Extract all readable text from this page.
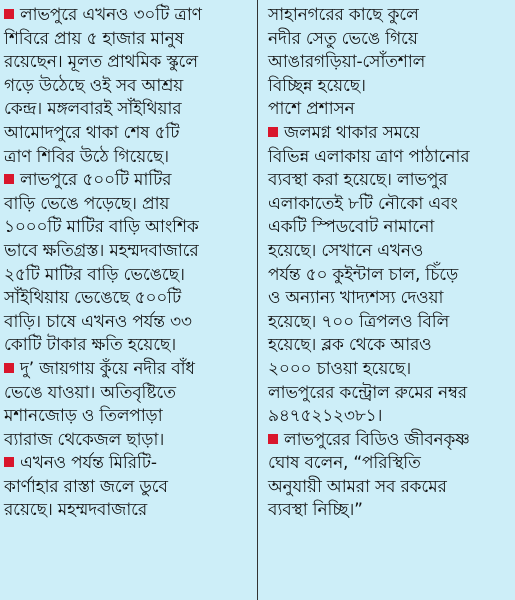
লাভপুরে এখনও ৩০টি ত্রাণ
শিবিরে প্রায় ৫ হাজার মানুষ
রয়েছেন। মূলত প্রাথমিক স্কুলে
গড়ে উঠেছে ওই সব আশ্রয়
কেন্দ্র। মঙ্গলবারই সাঁইথিয়ার
আমোদপুরে থাকা শেষ ৫টি
ত্রাণ শিবির উঠে গিয়েছে।
লাভপুরে ৫০০টি মাটির
বাড়ি ভেঙে পড়েছে। প্রায়
১০০০টি মাটির বাড়ি আংশিক
ভাবে ক্ষতিগ্রস্ত। মহম্মদবাজারে
২৫টি মাটির বাড়ি ভেঙেছে।
সাঁইথিয়ায় ভেঙেছে ৫০০টি
বাড়ি। চাষে এখনও পর্যন্ত ৩৩
কোটি টাকার ক্ষতি হয়েছে।
দু’ জায়গায় কুঁয়ে নদীর বাঁধ
ভেঙে যাওয়া। অতিবৃষ্টিতে
মশানজোড় ও তিলপাড়া
ব্যারাজ থেকেজল ছাড়া।
এখনও পর্যন্ত মিরিটি-
কার্ণাহার রাস্তা জলে ডুবে
রয়েছে। মহম্মদবাজারে
সাহানগরের কাছে কুলে
নদীর সেতু ভেঙে গিয়ে
আঙারগড়িয়া-সোঁতশাল
বিচ্ছিন্ন হয়েছে।
পাশে প্রশাসন
জলমগ্ন থাকার সময়ে
বিভিন্ন এলাকায় ত্রাণ পাঠানোর
ব্যবস্থা করা হয়েছে। লাভপুর
এলাকাতেই ৮টি নৌকো এবং
একটি স্পিডবোট নামানো
হয়েছে। সেখানে এখনও
পর্যন্ত ৫০ কুইন্টাল চাল, চিঁড়ে
ও অন্যান্য খাদ্যশস্য দেওয়া
হয়েছে। ৭০০ ত্রিপলও বিলি
হয়েছে। ব্লক থেকে আরও
২০০০ চাওয়া হয়েছে।
লাভপুরের কন্ট্রোল রুমের নম্বর
৯৪৭৫২১২৩৮১।
লাভপুরের বিডিও জীবনকৃষ্ণ
ঘোষ বলেন, “পরিস্থিতি
অনুযায়ী আমরা সব রকমের
ব্যবস্থা নিচ্ছি।”
